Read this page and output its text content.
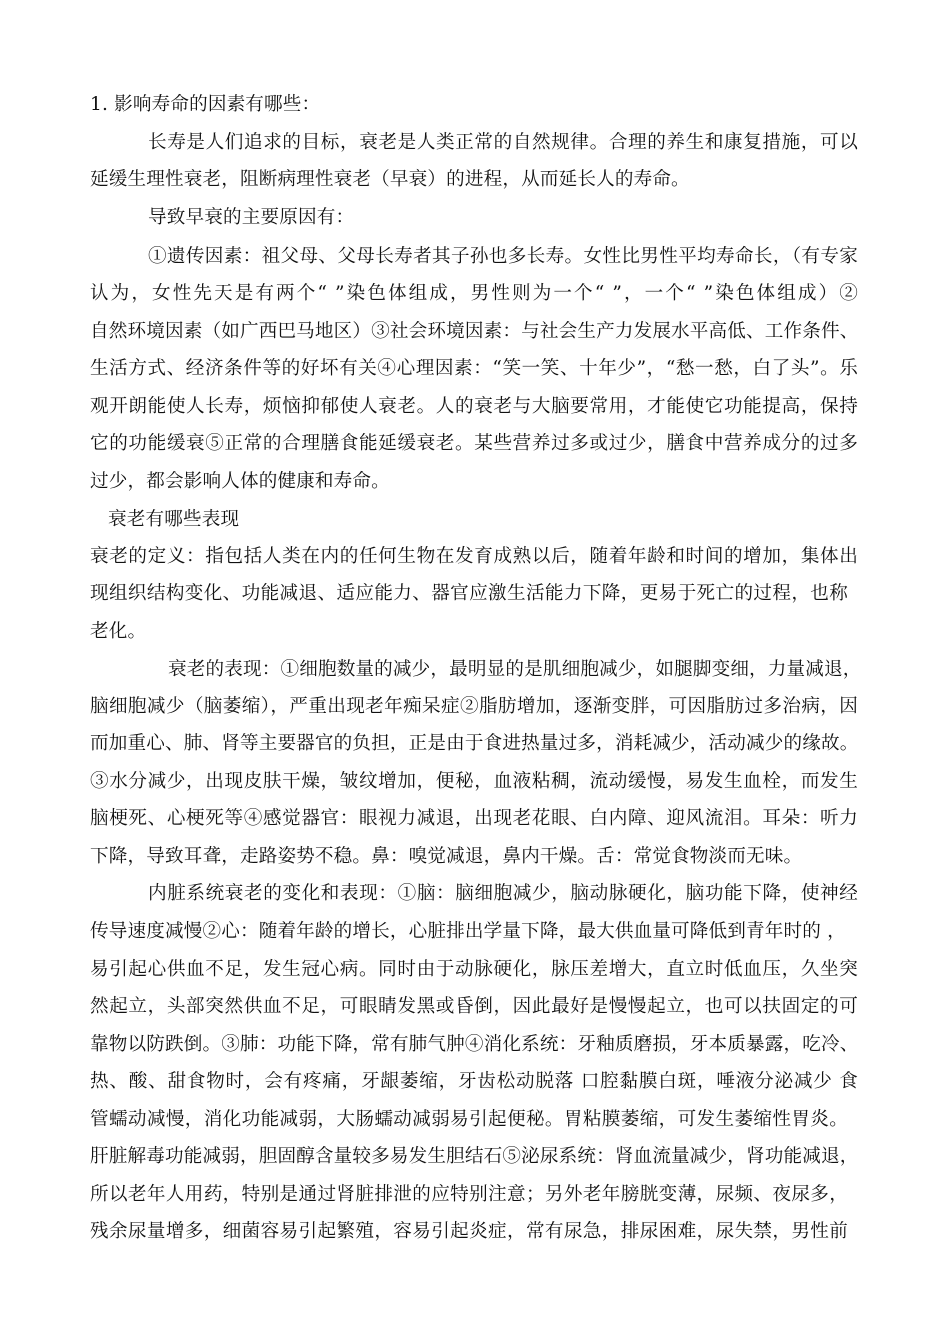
1. 影响寿命的因素有哪些：
长寿是人们追求的目标，衰老是人类正常的自然规律。合理的养生和康复措施，可以
延缓生理性衰老，阻断病理性衰老（早衰）的进程，从而延长人的寿命。
导致早衰的主要原因有：
①遗传因素：祖父母、父母长寿者其子孙也多长寿。女性比男性平均寿命长，（有专家
认为，女性先天是有两个“ ”染色体组成，男性则为一个“ ”，一个“ ”染色体组成）②
自然环境因素（如广西巴马地区）③社会环境因素：与社会生产力发展水平高低、工作条件、
生活方式、经济条件等的好坏有关④心理因素：“笑一笑、十年少”，“愁一愁，白了头”。乐
观开朗能使人长寿，烦恼抑郁使人衰老。人的衰老与大脑要常用，才能使它功能提高，保持
它的功能缓衰⑤正常的合理膳食能延缓衰老。某些营养过多或过少，膳食中营养成分的过多
过少，都会影响人体的健康和寿命。
衰老有哪些表现
衰老的定义：指包括人类在内的任何生物在发育成熟以后，随着年龄和时间的增加，集体出
现组织结构变化、功能减退、适应能力、器官应激生活能力下降，更易于死亡的过程，也称
老化。
衰老的表现：①细胞数量的减少，最明显的是肌细胞减少，如腿脚变细，力量减退，
脑细胞减少（脑萎缩），严重出现老年痴呆症②脂肪增加，逐渐变胖，可因脂肪过多治病，因
而加重心、肺、肾等主要器官的负担，正是由于食进热量过多，消耗减少，活动减少的缘故。
③水分减少，出现皮肤干燥，皱纹增加，便秘，血液粘稠，流动缓慢，易发生血栓，而发生
脑梗死、心梗死等④感觉器官：眼视力减退，出现老花眼、白内障、迎风流泪。耳朵：听力
下降，导致耳聋，走路姿势不稳。鼻：嗅觉减退，鼻内干燥。舌：常觉食物淡而无味。
内脏系统衰老的变化和表现：①脑：脑细胞减少，脑动脉硬化，脑功能下降，使神经
传导速度减慢②心：随着年龄的增长，心脏排出学量下降，最大供血量可降低到青年时的 ，
易引起心供血不足，发生冠心病。同时由于动脉硬化，脉压差增大，直立时低血压，久坐突
然起立，头部突然供血不足，可眼睛发黑或昏倒，因此最好是慢慢起立，也可以扶固定的可
靠物以防跌倒。③肺：功能下降，常有肺气肿④消化系统：牙釉质磨损，牙本质暴露，吃冷、
热、酸、甜食物时，会有疼痛，牙龈萎缩，牙齿松动脱落 口腔黏膜白斑，唾液分泌减少 食
管蠕动减慢，消化功能减弱，大肠蠕动减弱易引起便秘。胃粘膜萎缩，可发生萎缩性胃炎。
肝脏解毒功能减弱，胆固醇含量较多易发生胆结石⑤泌尿系统：肾血流量减少，肾功能减退，
所以老年人用药，特别是通过肾脏排泄的应特别注意；另外老年膀胱变薄，尿频、夜尿多，
残余尿量增多，细菌容易引起繁殖，容易引起炎症，常有尿急，排尿困难，尿失禁，男性前
